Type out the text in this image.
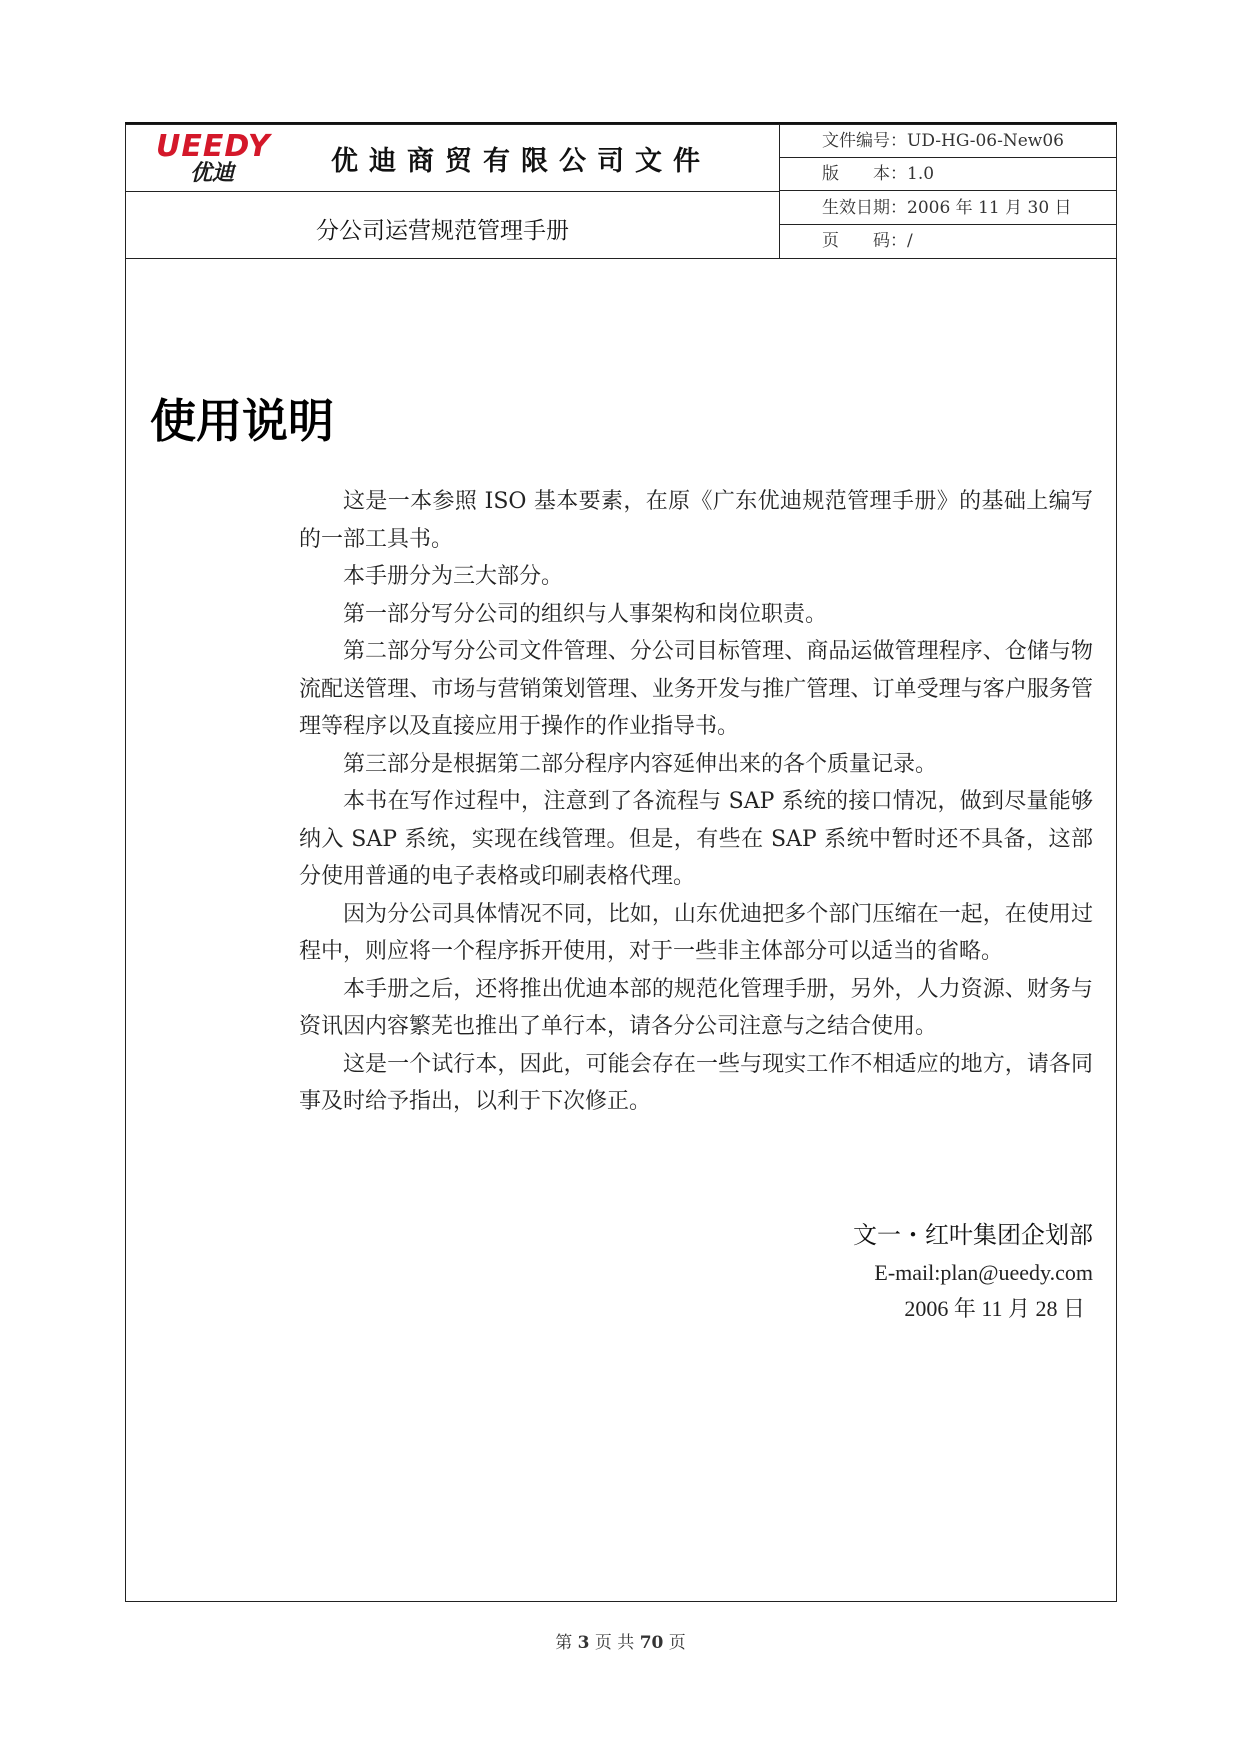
UEEDY
优迪	优迪商贸有限公司文件
分公司运营规范管理手册
文件编号：UD-HG-06-New06
版　　本：1.0
生效日期：2006 年 11 月 30 日
页　　码：/
使用说明

这是一本参照 ISO 基本要素，在原《广东优迪规范管理手册》的基础上编写的一部工具书。

本手册分为三大部分。

第一部分写分公司的组织与人事架构和岗位职责。

第二部分写分公司文件管理、分公司目标管理、商品运做管理程序、仓储与物流配送管理、市场与营销策划管理、业务开发与推广管理、订单受理与客户服务管理等程序以及直接应用于操作的作业指导书。

第三部分是根据第二部分程序内容延伸出来的各个质量记录。

本书在写作过程中，注意到了各流程与 SAP 系统的接口情况，做到尽量能够纳入 SAP 系统，实现在线管理。但是，有些在 SAP 系统中暂时还不具备，这部分使用普通的电子表格或印刷表格代理。

因为分公司具体情况不同，比如，山东优迪把多个部门压缩在一起，在使用过程中，则应将一个程序拆开使用，对于一些非主体部分可以适当的省略。

本手册之后，还将推出优迪本部的规范化管理手册，另外，人力资源、财务与资讯因内容繁芜也推出了单行本，请各分公司注意与之结合使用。

这是一个试行本，因此，可能会存在一些与现实工作不相适应的地方，请各同事及时给予指出，以利于下次修正。

文一・红叶集团企划部
E-mail:plan@ueedy.com
2006 年 11 月 28 日
第 3 页 共 70 页
